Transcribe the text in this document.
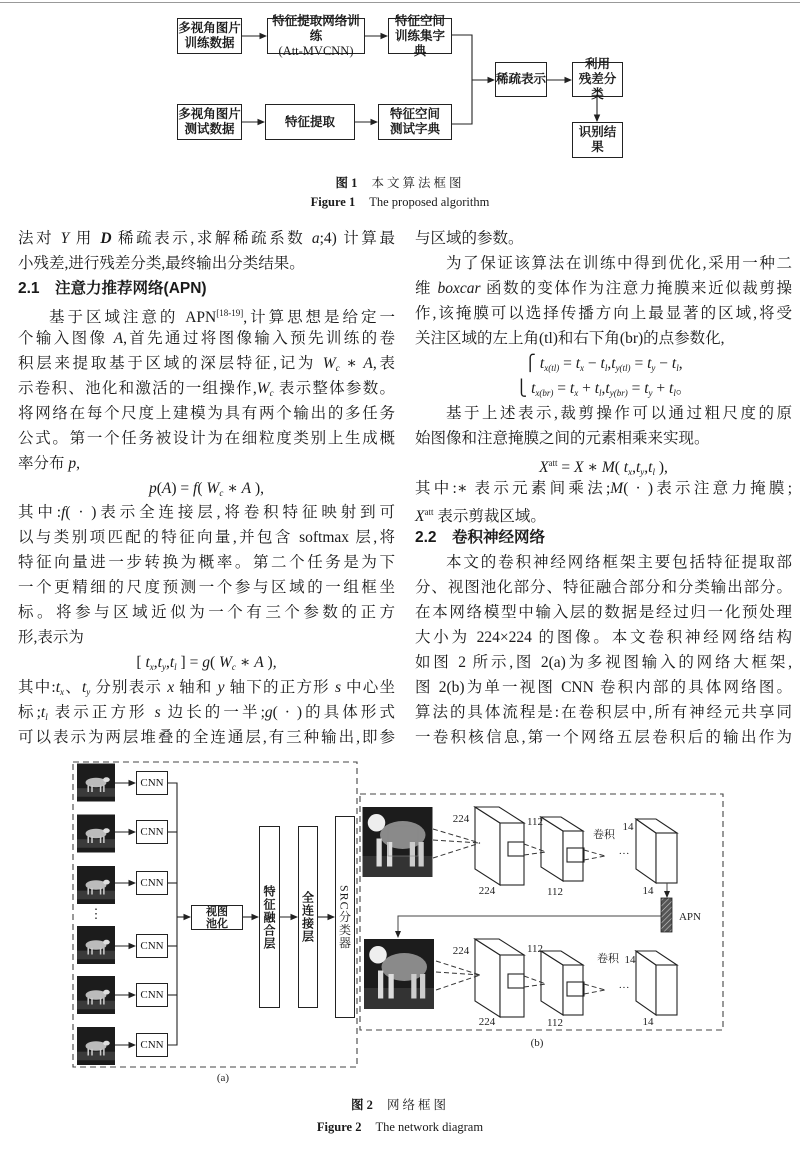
224
224
112
112
卷积
14
14
···
APN
224
224
112
112
卷积 14
14
···
(b)
(a)
⋮
多视角图片
训练数据
特征提取网络训练
(Att-MVCNN)
特征空间
训练集字典
多视角图片
测试数据
特征提取
特征空间
测试字典
稀疏表示
利用
残差分类
识别结果
图 1 本文算法框图
Figure 1 The proposed algorithm
法对 Y 用 D 稀疏表示,求解稀疏系数 a;4) 计算最
小残差,进行残差分类,最终输出分类结果。
2.1　注意力推荐网络(APN)
基于区域注意的 APN[18-19],计算思想是给定一
个输入图像 A,首先通过将图像输入预先训练的卷
积层来提取基于区域的深层特征,记为 Wc ∗ A,表
示卷积、池化和激活的一组操作,Wc 表示整体参数。
将网络在每个尺度上建模为具有两个输出的多任务
公式。第一个任务被设计为在细粒度类别上生成概
率分布 p,
p(A) = f( Wc ∗ A ),
其中:f( · )表示全连接层,将卷积特征映射到可
以与类别项匹配的特征向量,并包含 softmax 层,将
特征向量进一步转换为概率。第二个任务是为下
一个更精细的尺度预测一个参与区域的一组框坐
标。将参与区域近似为一个有三个参数的正方
形,表示为
[ tx,ty,tl ] = g( Wc ∗ A ),
其中:tx、ty 分别表示 x 轴和 y 轴下的正方形 s 中心坐
标;tl 表示正方形 s 边长的一半;g( · )的具体形式
可以表示为两层堆叠的全连通层,有三种输出,即参
与区域的参数。
为了保证该算法在训练中得到优化,采用一种二
维 boxcar 函数的变体作为注意力掩膜来近似裁剪操
作,该掩膜可以选择传播方向上最显著的区域,将受
关注区域的左上角(tl)和右下角(br)的点参数化,
⎧ tx(tl) = tx − tl,ty(tl) = ty − tl,
⎩ tx(br) = tx + tl,ty(br) = ty + tl。
基于上述表示,裁剪操作可以通过粗尺度的原
始图像和注意掩膜之间的元素相乘来实现。
$X^{att} = X$ ∗ M( tx,ty,tl ),
其中:∗ 表示元素间乘法;M( · )表示注意力掩膜;
$X^{att}$ 表示剪裁区域。
2.2　卷积神经网络
本文的卷积神经网络框架主要包括特征提取部
分、视图池化部分、特征融合部分和分类输出部分。
在本网络模型中输入层的数据是经过归一化预处理
大小为 224×224 的图像。本文卷积神经网络结构
如图 2 所示,图 2(a)为多视图输入的网络大框架,
图 2(b)为单一视图 CNN 卷积内部的具体网络图。
算法的具体流程是:在卷积层中,所有神经元共享同
一卷积核信息,第一个网络五层卷积后的输出作为
CNN
CNN
CNN
CNN
CNN
CNN
视图
池化	特征融合层 全连接层 SRC分类器
图 2 网络框图
Figure 2 The network diagram
